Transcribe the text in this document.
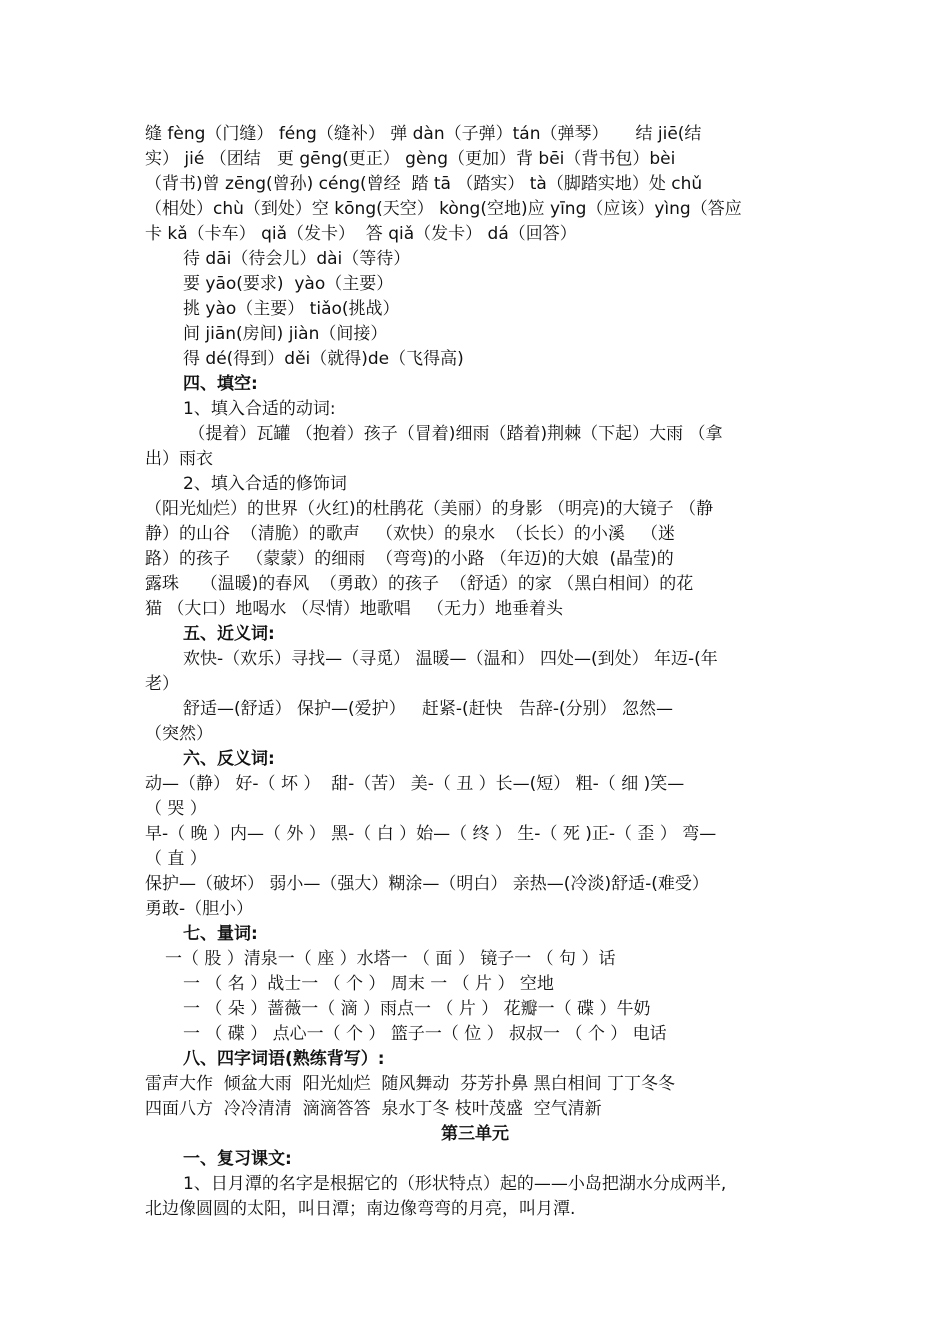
缝 fèng（门缝） féng（缝补） 弹 dàn（子弹）tán（弹琴）     结 jiē(结
实） jié （团结   更 gēng(更正） gèng（更加）背 bēi（背书包）bèi
（背书)曾 zēng(曾孙) céng(曾经  踏 tā （踏实） tà（脚踏实地）处 chǔ
（相处）chù（到处）空 kōng(天空） kòng(空地)应 yīng（应该）yìng（答应
卡 kǎ（卡车） qiǎ（发卡）  答 qiǎ（发卡） dá（回答）
待 dāi（待会儿）dài（等待）
要 yāo(要求)  yào（主要）
挑 yào（主要） tiǎo(挑战）
间 jiān(房间) jiàn（间接）
得 dé(得到）děi（就得)de（飞得高)
四、填空:
1、填入合适的动词:
（提着）瓦罐 （抱着）孩子（冒着)细雨（踏着)荆棘（下起）大雨 （拿
出）雨衣
2、填入合适的修饰词
（阳光灿烂）的世界（火红)的杜鹃花（美丽）的身影 （明亮)的大镜子 （静
静）的山谷  （清脆）的歌声   （欢快）的泉水  （长长）的小溪   （迷
路）的孩子   （蒙蒙）的细雨  （弯弯)的小路 （年迈)的大娘  (晶莹)的
露珠    （温暖)的春风  （勇敢）的孩子  （舒适）的家 （黑白相间）的花
猫 （大口）地喝水 （尽情）地歌唱   （无力）地垂着头
五、近义词:
欢快-（欢乐）寻找—（寻觅） 温暖—（温和） 四处—(到处） 年迈-(年
老）
舒适—(舒适） 保护—(爱护）   赶紧-(赶快   告辞-(分别） 忽然—
（突然）
六、反义词:
动—（静） 好-（ 坏 ）  甜-（苦） 美-（ 丑 ）长—(短） 粗-（ 细 )笑—
（ 哭 ）
早-（ 晚 ）内—（ 外 ） 黑-（ 白 ）始—（ 终 ） 生-（ 死 )正-（ 歪 ） 弯—
（ 直 ）
保护—（破坏） 弱小—（强大）糊涂—（明白） 亲热—(冷淡)舒适-(难受）
勇敢-（胆小）
七、量词:
一（ 股 ）清泉一（ 座 ）水塔一 （ 面 ） 镜子一 （ 句 ）话
一 （ 名 ）战士一 （ 个 ） 周末 一 （ 片 ） 空地
一 （ 朵 ）蔷薇一（ 滴 ）雨点一 （ 片 ） 花瓣一（ 碟 ）牛奶
一 （ 碟 ） 点心一（ 个 ） 篮子一（ 位 ） 叔叔一 （ 个 ） 电话
八、四字词语(熟练背写）:
雷声大作  倾盆大雨  阳光灿烂  随风舞动  芬芳扑鼻 黑白相间 丁丁冬冬
四面八方  冷冷清清  滴滴答答  泉水丁冬 枝叶茂盛  空气清新
第三单元
一、复习课文:
1、日月潭的名字是根据它的（形状特点）起的——小岛把湖水分成两半,
北边像圆圆的太阳，叫日潭；南边像弯弯的月亮，叫月潭.
